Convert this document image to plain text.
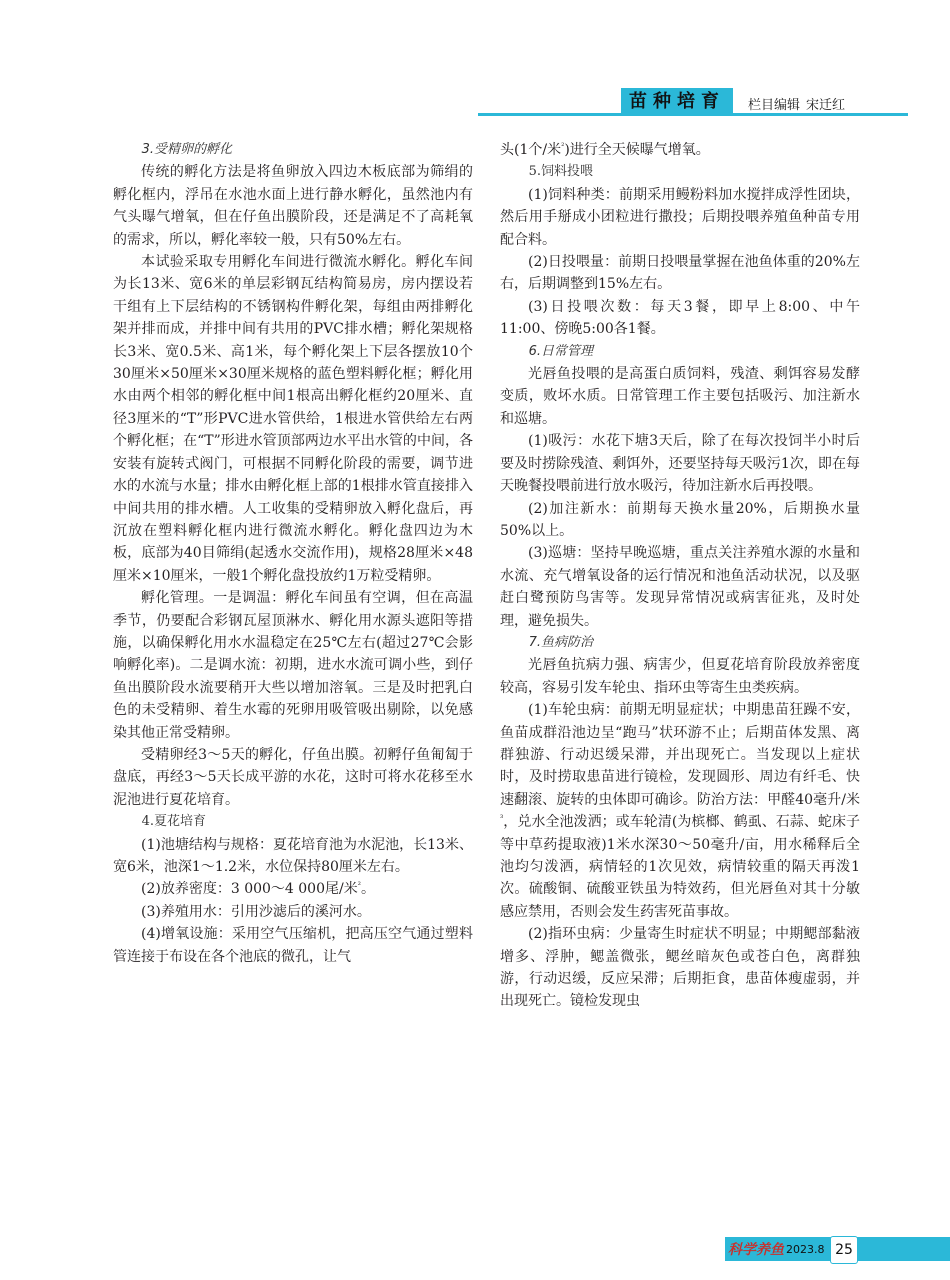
苗种培育	栏目编辑 宋迁红
3.受精卵的孵化

传统的孵化方法是将鱼卵放入四边木板底部为筛绢的孵化框内，浮吊在水池水面上进行静水孵化，虽然池内有气头曝气增氧，但在仔鱼出膜阶段，还是满足不了高耗氧的需求，所以，孵化率较一般，只有50%左右。

本试验采取专用孵化车间进行微流水孵化。孵化车间为长13米、宽6米的单层彩钢瓦结构简易房，房内摆设若干组有上下层结构的不锈钢构件孵化架，每组由两排孵化架并排而成，并排中间有共用的PVC排水槽；孵化架规格长3米、宽0.5米、高1米，每个孵化架上下层各摆放10个30厘米×50厘米×30厘米规格的蓝色塑料孵化框；孵化用水由两个相邻的孵化框中间1根高出孵化框约20厘米、直径3厘米的“T”形PVC进水管供给，1根进水管供给左右两个孵化框；在“T”形进水管顶部两边水平出水管的中间，各安装有旋转式阀门，可根据不同孵化阶段的需要，调节进水的水流与水量；排水由孵化框上部的1根排水管直接排入中间共用的排水槽。人工收集的受精卵放入孵化盘后，再沉放在塑料孵化框内进行微流水孵化。孵化盘四边为木板，底部为40目筛绢(起透水交流作用)，规格28厘米×48厘米×10厘米，一般1个孵化盘投放约1万粒受精卵。

孵化管理。一是调温：孵化车间虽有空调，但在高温季节，仍要配合彩钢瓦屋顶淋水、孵化用水源头遮阳等措施，以确保孵化用水水温稳定在25℃左右(超过27℃会影响孵化率)。二是调水流：初期，进水水流可调小些，到仔鱼出膜阶段水流要稍开大些以增加溶氧。三是及时把乳白色的未受精卵、着生水霉的死卵用吸管吸出剔除，以免感染其他正常受精卵。

受精卵经3～5天的孵化，仔鱼出膜。初孵仔鱼匍匐于盘底，再经3～5天长成平游的水花，这时可将水花移至水泥池进行夏花培育。

4.夏花培育

(1)池塘结构与规格：夏花培育池为水泥池，长13米、宽6米，池深1～1.2米，水位保持80厘米左右。

(2)放养密度：3 000～4 000尾/米$^{^2}$。

(3)养殖用水：引用沙滤后的溪河水。

(4)增氧设施：采用空气压缩机，把高压空气通过塑料管连接于布设在各个池底的微孔，让气

头(1个/米$^{^2}$)进行全天候曝气增氧。

5.饲料投喂

(1)饲料种类：前期采用鳗粉料加水搅拌成浮性团块，然后用手掰成小团粒进行撒投；后期投喂养殖鱼种苗专用配合料。

(2)日投喂量：前期日投喂量掌握在池鱼体重的20%左右，后期调整到15%左右。

(3)日投喂次数：每天3餐，即早上8:00、中午11:00、傍晚5:00各1餐。

6.日常管理

光唇鱼投喂的是高蛋白质饲料，残渣、剩饵容易发酵变质，败坏水质。日常管理工作主要包括吸污、加注新水和巡塘。

(1)吸污：水花下塘3天后，除了在每次投饲半小时后要及时捞除残渣、剩饵外，还要坚持每天吸污1次，即在每天晚餐投喂前进行放水吸污，待加注新水后再投喂。

(2)加注新水：前期每天换水量20%，后期换水量50%以上。

(3)巡塘：坚持早晚巡塘，重点关注养殖水源的水量和水流、充气增氧设备的运行情况和池鱼活动状况，以及驱赶白鹭预防鸟害等。发现异常情况或病害征兆，及时处理，避免损失。

7.鱼病防治

光唇鱼抗病力强、病害少，但夏花培育阶段放养密度较高，容易引发车轮虫、指环虫等寄生虫类疾病。

(1)车轮虫病：前期无明显症状；中期患苗狂躁不安，鱼苗成群沿池边呈“跑马”状环游不止；后期苗体发黑、离群独游、行动迟缓呆滞，并出现死亡。当发现以上症状时，及时捞取患苗进行镜检，发现圆形、周边有纤毛、快速翻滚、旋转的虫体即可确诊。防治方法：甲醛40毫升/米$^{^3}$，兑水全池泼洒；或车轮清(为槟榔、鹤虱、石蒜、蛇床子等中草药提取液)1米水深30～50毫升/亩，用水稀释后全池均匀泼洒，病情轻的1次见效，病情较重的隔天再泼1次。硫酸铜、硫酸亚铁虽为特效药，但光唇鱼对其十分敏感应禁用，否则会发生药害死苗事故。

(2)指环虫病：少量寄生时症状不明显；中期鳃部黏液增多、浮肿，鳃盖微张，鳃丝暗灰色或苍白色，离群独游，行动迟缓，反应呆滞；后期拒食，患苗体瘦虚弱，并出现死亡。镜检发现虫

科学养鱼 2023.8 25
